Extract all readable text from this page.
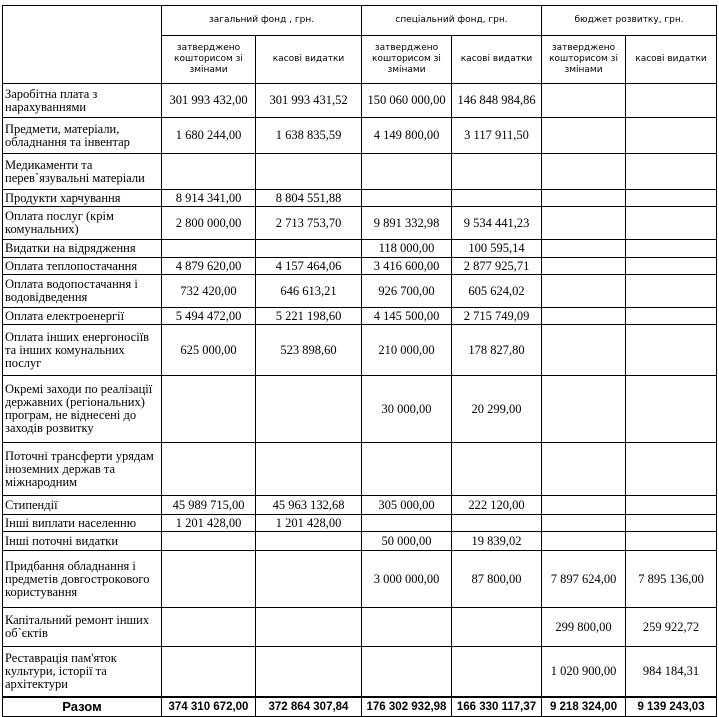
	загальний фонд , грн.		спеціальний фонд, грн.		бюджет розвитку, грн.	
	затверджено кошторисом зі змінами	касові видатки	затверджено кошторисом зі змінами	касові видатки	затверджено кошторисом зі змінами	касові видатки
Заробітна плата з нарахуваннями	301 993 432,00	301 993 431,52	150 060 000,00	146 848 984,86		
Предмети, матеріали, обладнання та інвентар	1 680 244,00	1 638 835,59	4 149 800,00	3 117 911,50		
Медикаменти та перев`язувальні матеріали						
Продукти харчування	8 914 341,00	8 804 551,88				
Оплата послуг (крім комунальних)	2 800 000,00	2 713 753,70	9 891 332,98	9 534 441,23		
Видатки на відрядження			118 000,00	100 595,14		
Оплата теплопостачання	4 879 620,00	4 157 464,06	3 416 600,00	2 877 925,71		
Оплата водопостачання і водовідведення	732 420,00	646 613,21	926 700,00	605 624,02		
Оплата електроенергії	5 494 472,00	5 221 198,60	4 145 500,00	2 715 749,09		
Оплата інших енергоносіїв та інших комунальних послуг	625 000,00	523 898,60	210 000,00	178 827,80		
Окремі заходи по реалізації державних (регіональних) програм, не віднесені до заходів розвитку			30 000,00	20 299,00		
Поточні трансферти урядам іноземних держав та міжнародним						
Стипендії	45 989 715,00	45 963 132,68	305 000,00	222 120,00		
Інші виплати населенню	1 201 428,00	1 201 428,00				
Інші поточні видатки			50 000,00	19 839,02		
Придбання обладнання і предметів довгострокового користування			3 000 000,00	87 800,00	7 897 624,00	7 895 136,00
Капітальний ремонт інших об`єктів					299 800,00	259 922,72
Реставрація пам'яток культури, історії та архітектури					1 020 900,00	984 184,31
Разом	374 310 672,00	372 864 307,84	176 302 932,98	166 330 117,37	9 218 324,00	9 139 243,03
